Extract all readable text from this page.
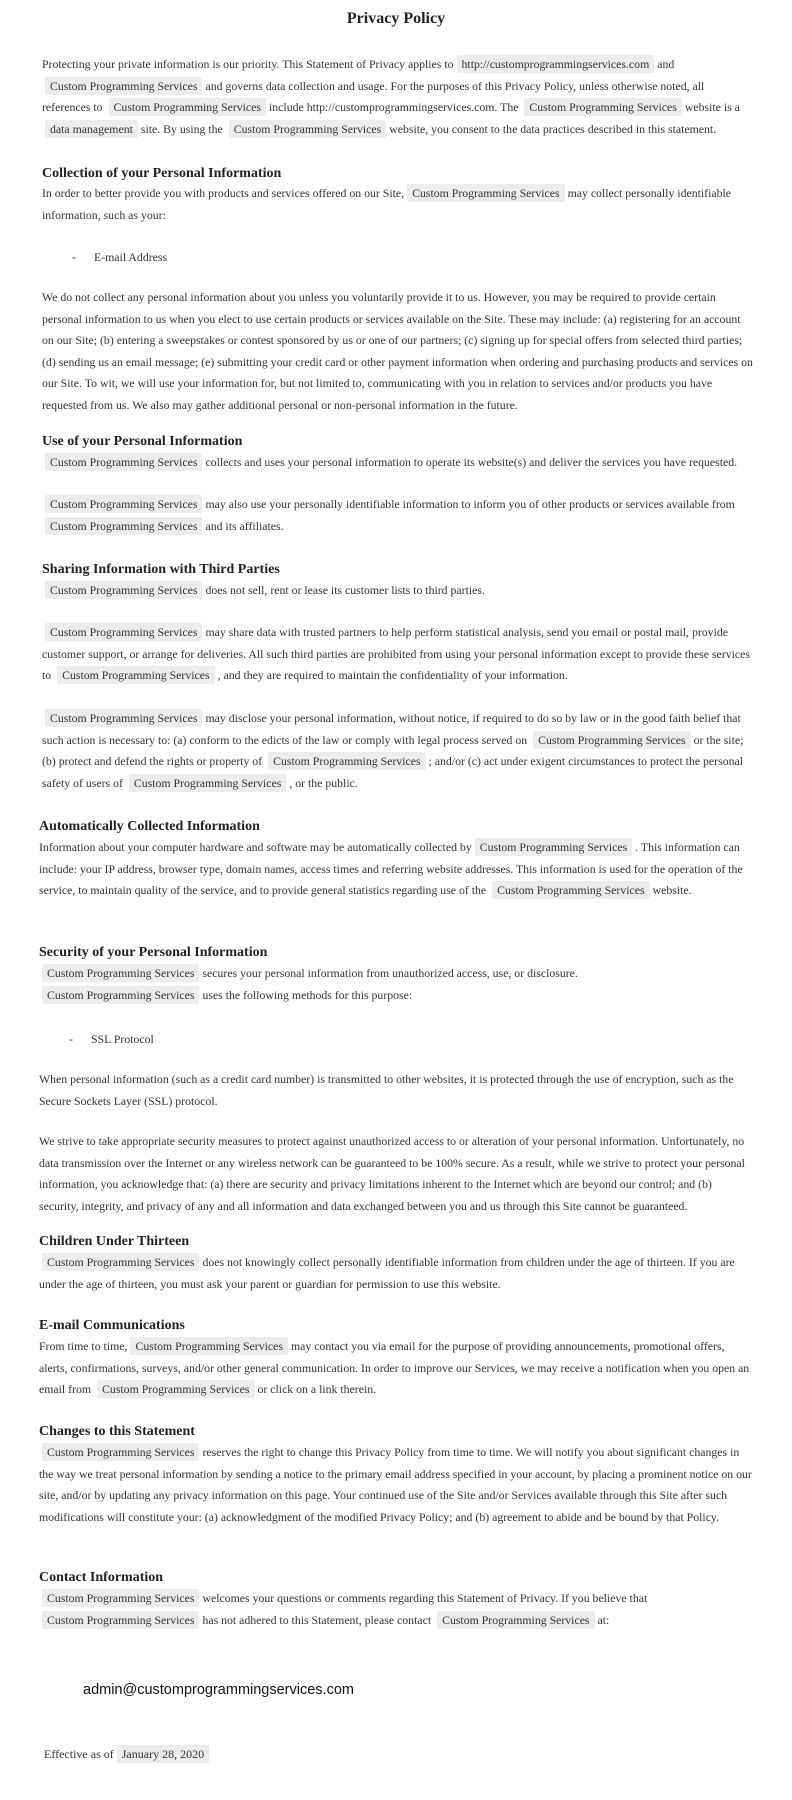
Privacy Policy

Protecting your private information is our priority. This Statement of Privacy applies to http://customprogrammingservices.com and Custom Programming Services and governs data collection and usage. For the purposes of this Privacy Policy, unless otherwise noted, all references to Custom Programming Services include http://customprogrammingservices.com. The Custom Programming Services website is a data management site. By using the Custom Programming Services website, you consent to the data practices described in this statement.

Collection of your Personal Information

In order to better provide you with products and services offered on our Site, Custom Programming Services may collect personally identifiable information, such as your:

- E-mail Address

We do not collect any personal information about you unless you voluntarily provide it to us. However, you may be required to provide certain personal information to us when you elect to use certain products or services available on the Site. These may include: (a) registering for an account on our Site; (b) entering a sweepstakes or contest sponsored by us or one of our partners; (c) signing up for special offers from selected third parties; (d) sending us an email message; (e) submitting your credit card or other payment information when ordering and purchasing products and services on our Site. To wit, we will use your information for, but not limited to, communicating with you in relation to services and/or products you have requested from us. We also may gather additional personal or non-personal information in the future.

Use of your Personal Information

Custom Programming Services collects and uses your personal information to operate its website(s) and deliver the services you have requested.

Custom Programming Services may also use your personally identifiable information to inform you of other products or services available from Custom Programming Services and its affiliates.

Sharing Information with Third Parties

Custom Programming Services does not sell, rent or lease its customer lists to third parties.

Custom Programming Services may share data with trusted partners to help perform statistical analysis, send you email or postal mail, provide customer support, or arrange for deliveries. All such third parties are prohibited from using your personal information except to provide these services to Custom Programming Services , and they are required to maintain the confidentiality of your information.

Custom Programming Services may disclose your personal information, without notice, if required to do so by law or in the good faith belief that such action is necessary to: (a) conform to the edicts of the law or comply with legal process served on Custom Programming Services or the site; (b) protect and defend the rights or property of Custom Programming Services ; and/or (c) act under exigent circumstances to protect the personal safety of users of Custom Programming Services , or the public.

Automatically Collected Information

Information about your computer hardware and software may be automatically collected by Custom Programming Services . This information can include: your IP address, browser type, domain names, access times and referring website addresses. This information is used for the operation of the service, to maintain quality of the service, and to provide general statistics regarding use of the Custom Programming Services website.

Security of your Personal Information

Custom Programming Services secures your personal information from unauthorized access, use, or disclosure.

Custom Programming Services uses the following methods for this purpose:

- SSL Protocol

When personal information (such as a credit card number) is transmitted to other websites, it is protected through the use of encryption, such as the Secure Sockets Layer (SSL) protocol.

We strive to take appropriate security measures to protect against unauthorized access to or alteration of your personal information. Unfortunately, no data transmission over the Internet or any wireless network can be guaranteed to be 100% secure. As a result, while we strive to protect your personal information, you acknowledge that: (a) there are security and privacy limitations inherent to the Internet which are beyond our control; and (b) security, integrity, and privacy of any and all information and data exchanged between you and us through this Site cannot be guaranteed.

Children Under Thirteen

Custom Programming Services does not knowingly collect personally identifiable information from children under the age of thirteen. If you are under the age of thirteen, you must ask your parent or guardian for permission to use this website.

E-mail Communications

From time to time, Custom Programming Services may contact you via email for the purpose of providing announcements, promotional offers, alerts, confirmations, surveys, and/or other general communication. In order to improve our Services, we may receive a notification when you open an email from Custom Programming Services or click on a link therein.

Changes to this Statement

Custom Programming Services reserves the right to change this Privacy Policy from time to time. We will notify you about significant changes in the way we treat personal information by sending a notice to the primary email address specified in your account, by placing a prominent notice on our site, and/or by updating any privacy information on this page. Your continued use of the Site and/or Services available through this Site after such modifications will constitute your: (a) acknowledgment of the modified Privacy Policy; and (b) agreement to abide and be bound by that Policy.

Contact Information

Custom Programming Services welcomes your questions or comments regarding this Statement of Privacy. If you believe that

Custom Programming Services has not adhered to this Statement, please contact Custom Programming Services at:

admin@customprogrammingservices.com
Effective as of January 28, 2020
